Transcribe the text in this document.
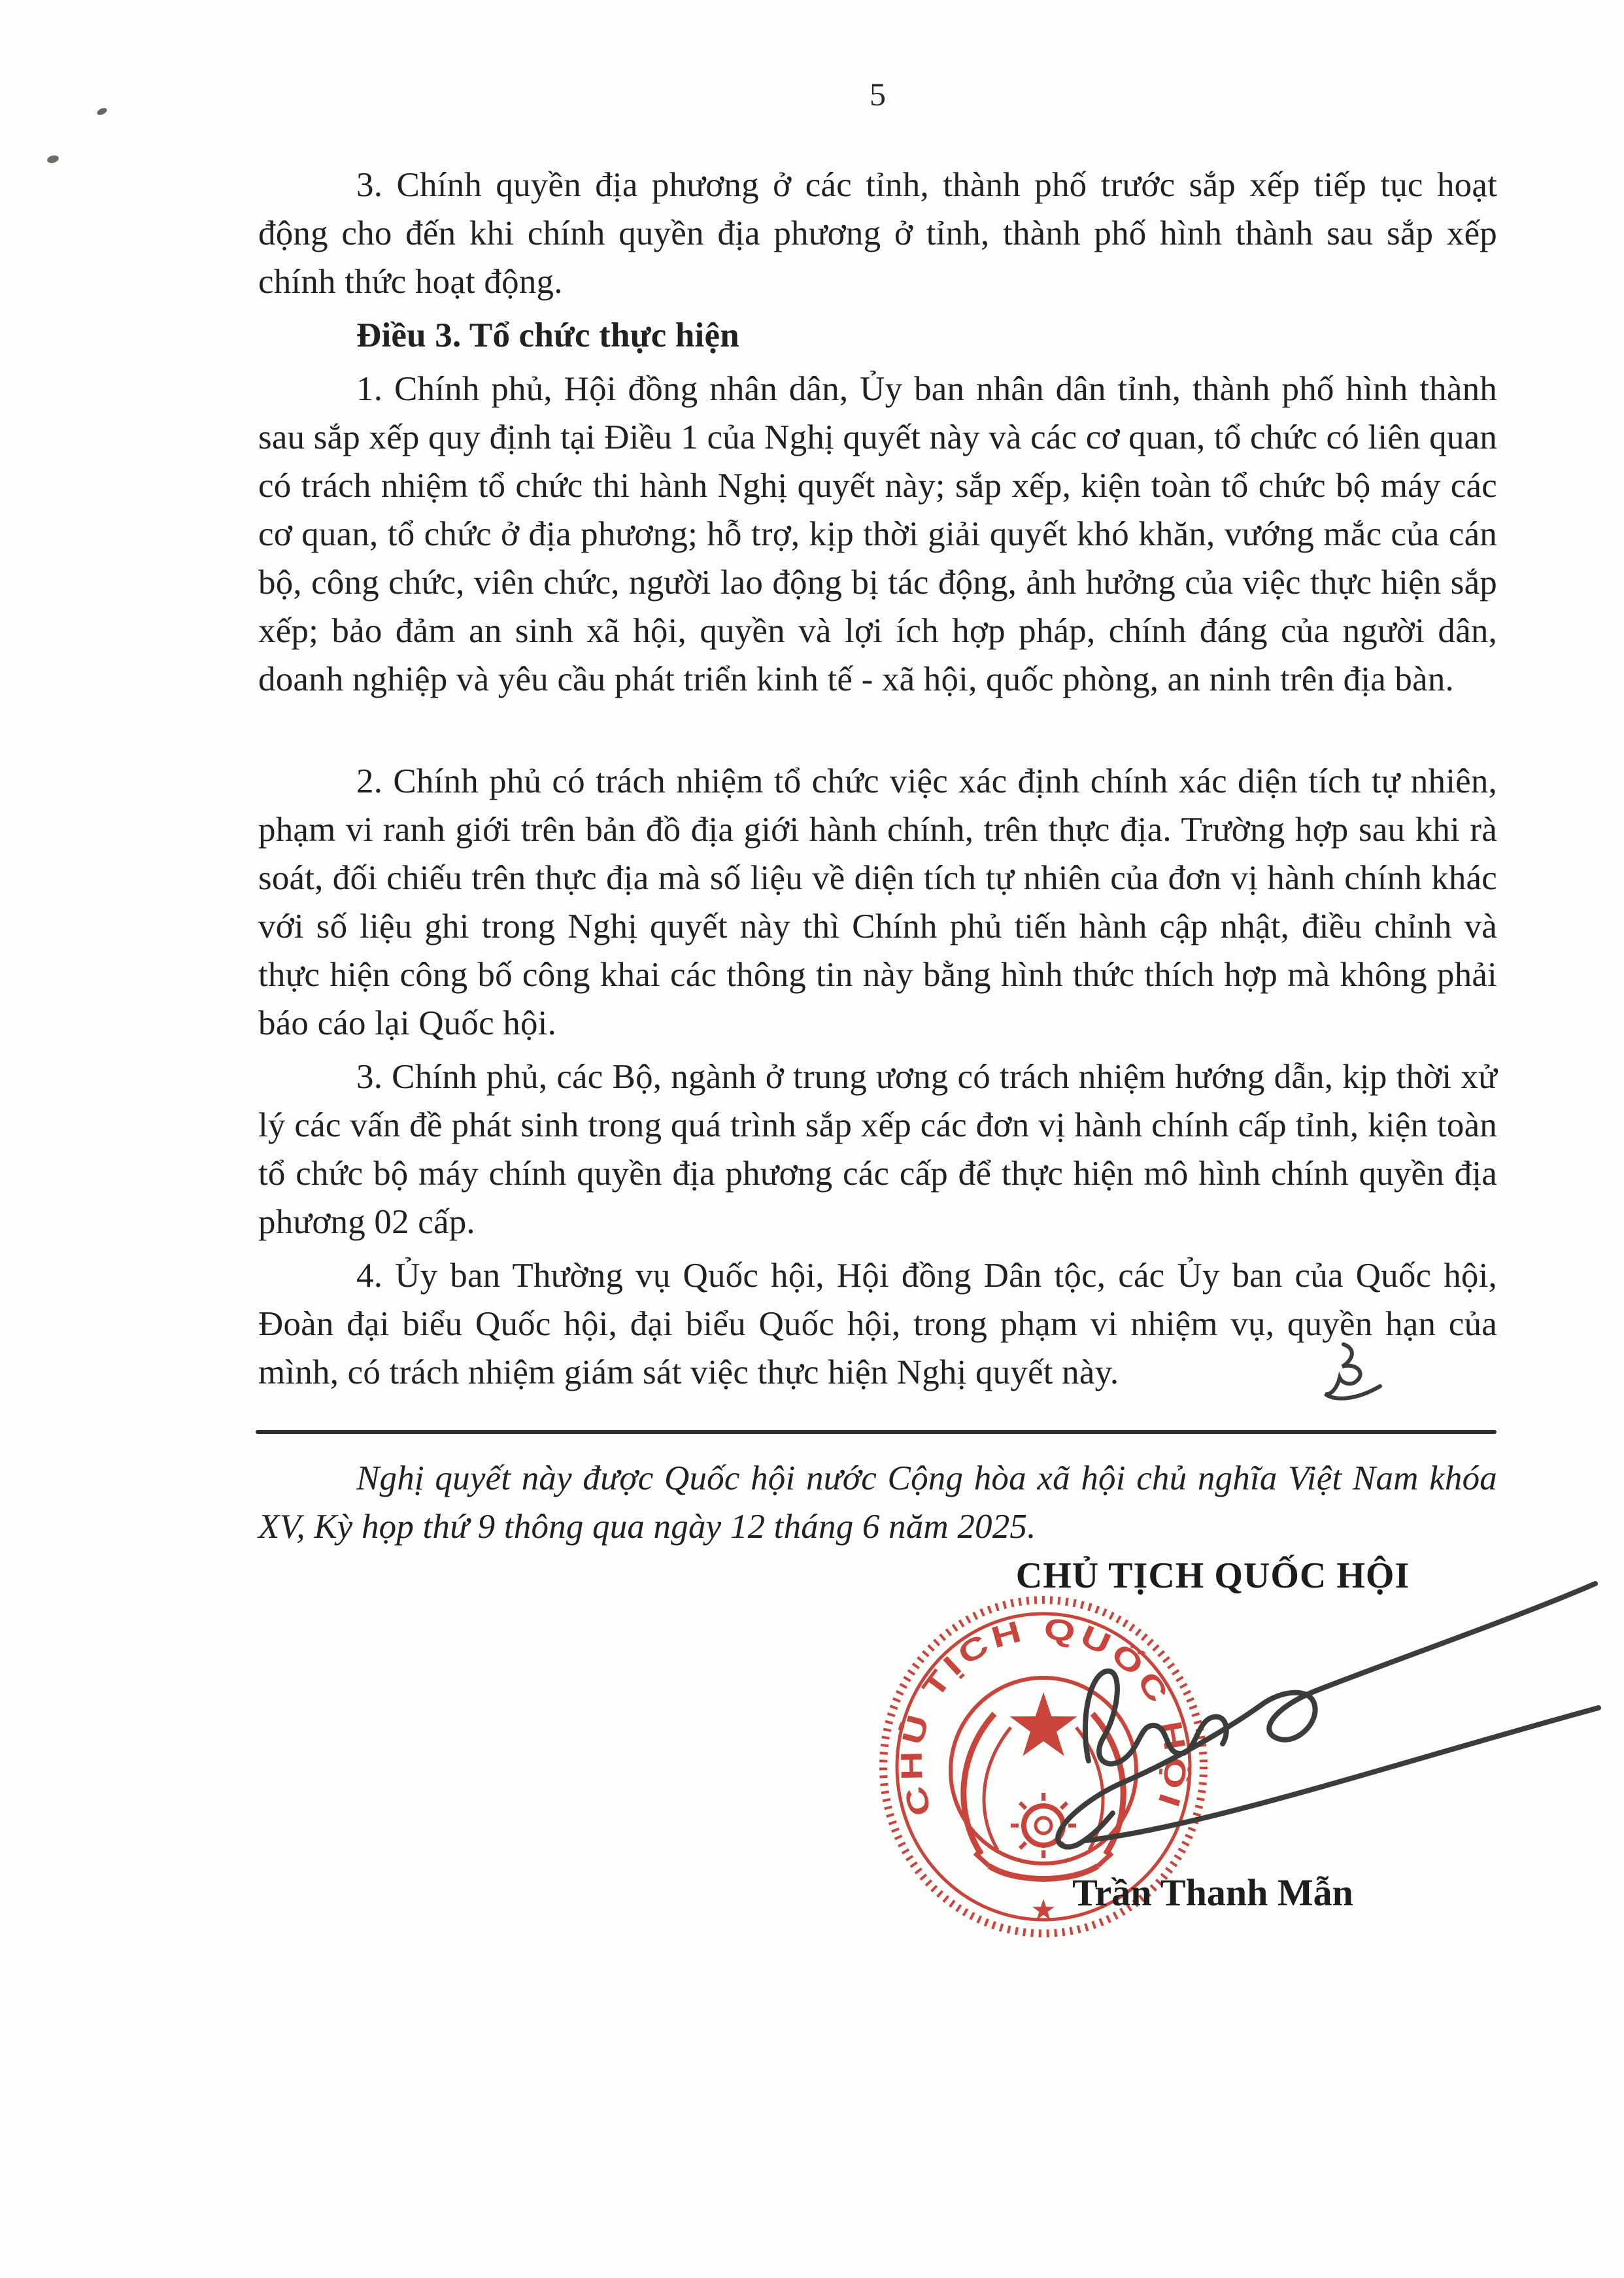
5

3. Chính quyền địa phương ở các tỉnh, thành phố trước sắp xếp tiếp tục hoạt động cho đến khi chính quyền địa phương ở tỉnh, thành phố hình thành sau sắp xếp chính thức hoạt động.

Điều 3. Tổ chức thực hiện

1. Chính phủ, Hội đồng nhân dân, Ủy ban nhân dân tỉnh, thành phố hình thành sau sắp xếp quy định tại Điều 1 của Nghị quyết này và các cơ quan, tổ chức có liên quan có trách nhiệm tổ chức thi hành Nghị quyết này; sắp xếp, kiện toàn tổ chức bộ máy các cơ quan, tổ chức ở địa phương; hỗ trợ, kịp thời giải quyết khó khăn, vướng mắc của cán bộ, công chức, viên chức, người lao động bị tác động, ảnh hưởng của việc thực hiện sắp xếp; bảo đảm an sinh xã hội, quyền và lợi ích hợp pháp, chính đáng của người dân, doanh nghiệp và yêu cầu phát triển kinh tế - xã hội, quốc phòng, an ninh trên địa bàn.

2. Chính phủ có trách nhiệm tổ chức việc xác định chính xác diện tích tự nhiên, phạm vi ranh giới trên bản đồ địa giới hành chính, trên thực địa. Trường hợp sau khi rà soát, đối chiếu trên thực địa mà số liệu về diện tích tự nhiên của đơn vị hành chính khác với số liệu ghi trong Nghị quyết này thì Chính phủ tiến hành cập nhật, điều chỉnh và thực hiện công bố công khai các thông tin này bằng hình thức thích hợp mà không phải báo cáo lại Quốc hội.

3. Chính phủ, các Bộ, ngành ở trung ương có trách nhiệm hướng dẫn, kịp thời xử lý các vấn đề phát sinh trong quá trình sắp xếp các đơn vị hành chính cấp tỉnh, kiện toàn tổ chức bộ máy chính quyền địa phương các cấp để thực hiện mô hình chính quyền địa phương 02 cấp.

4. Ủy ban Thường vụ Quốc hội, Hội đồng Dân tộc, các Ủy ban của Quốc hội, Đoàn đại biểu Quốc hội, đại biểu Quốc hội, trong phạm vi nhiệm vụ, quyền hạn của mình, có trách nhiệm giám sát việc thực hiện Nghị quyết này.

Nghị quyết này được Quốc hội nước Cộng hòa xã hội chủ nghĩa Việt Nam khóa XV, Kỳ họp thứ 9 thông qua ngày 12 tháng 6 năm 2025.

CHỦ TỊCH QUỐC HỘI
CHỦ TỊCH QUỐC HỘI
★ Trần Thanh Mẫn
